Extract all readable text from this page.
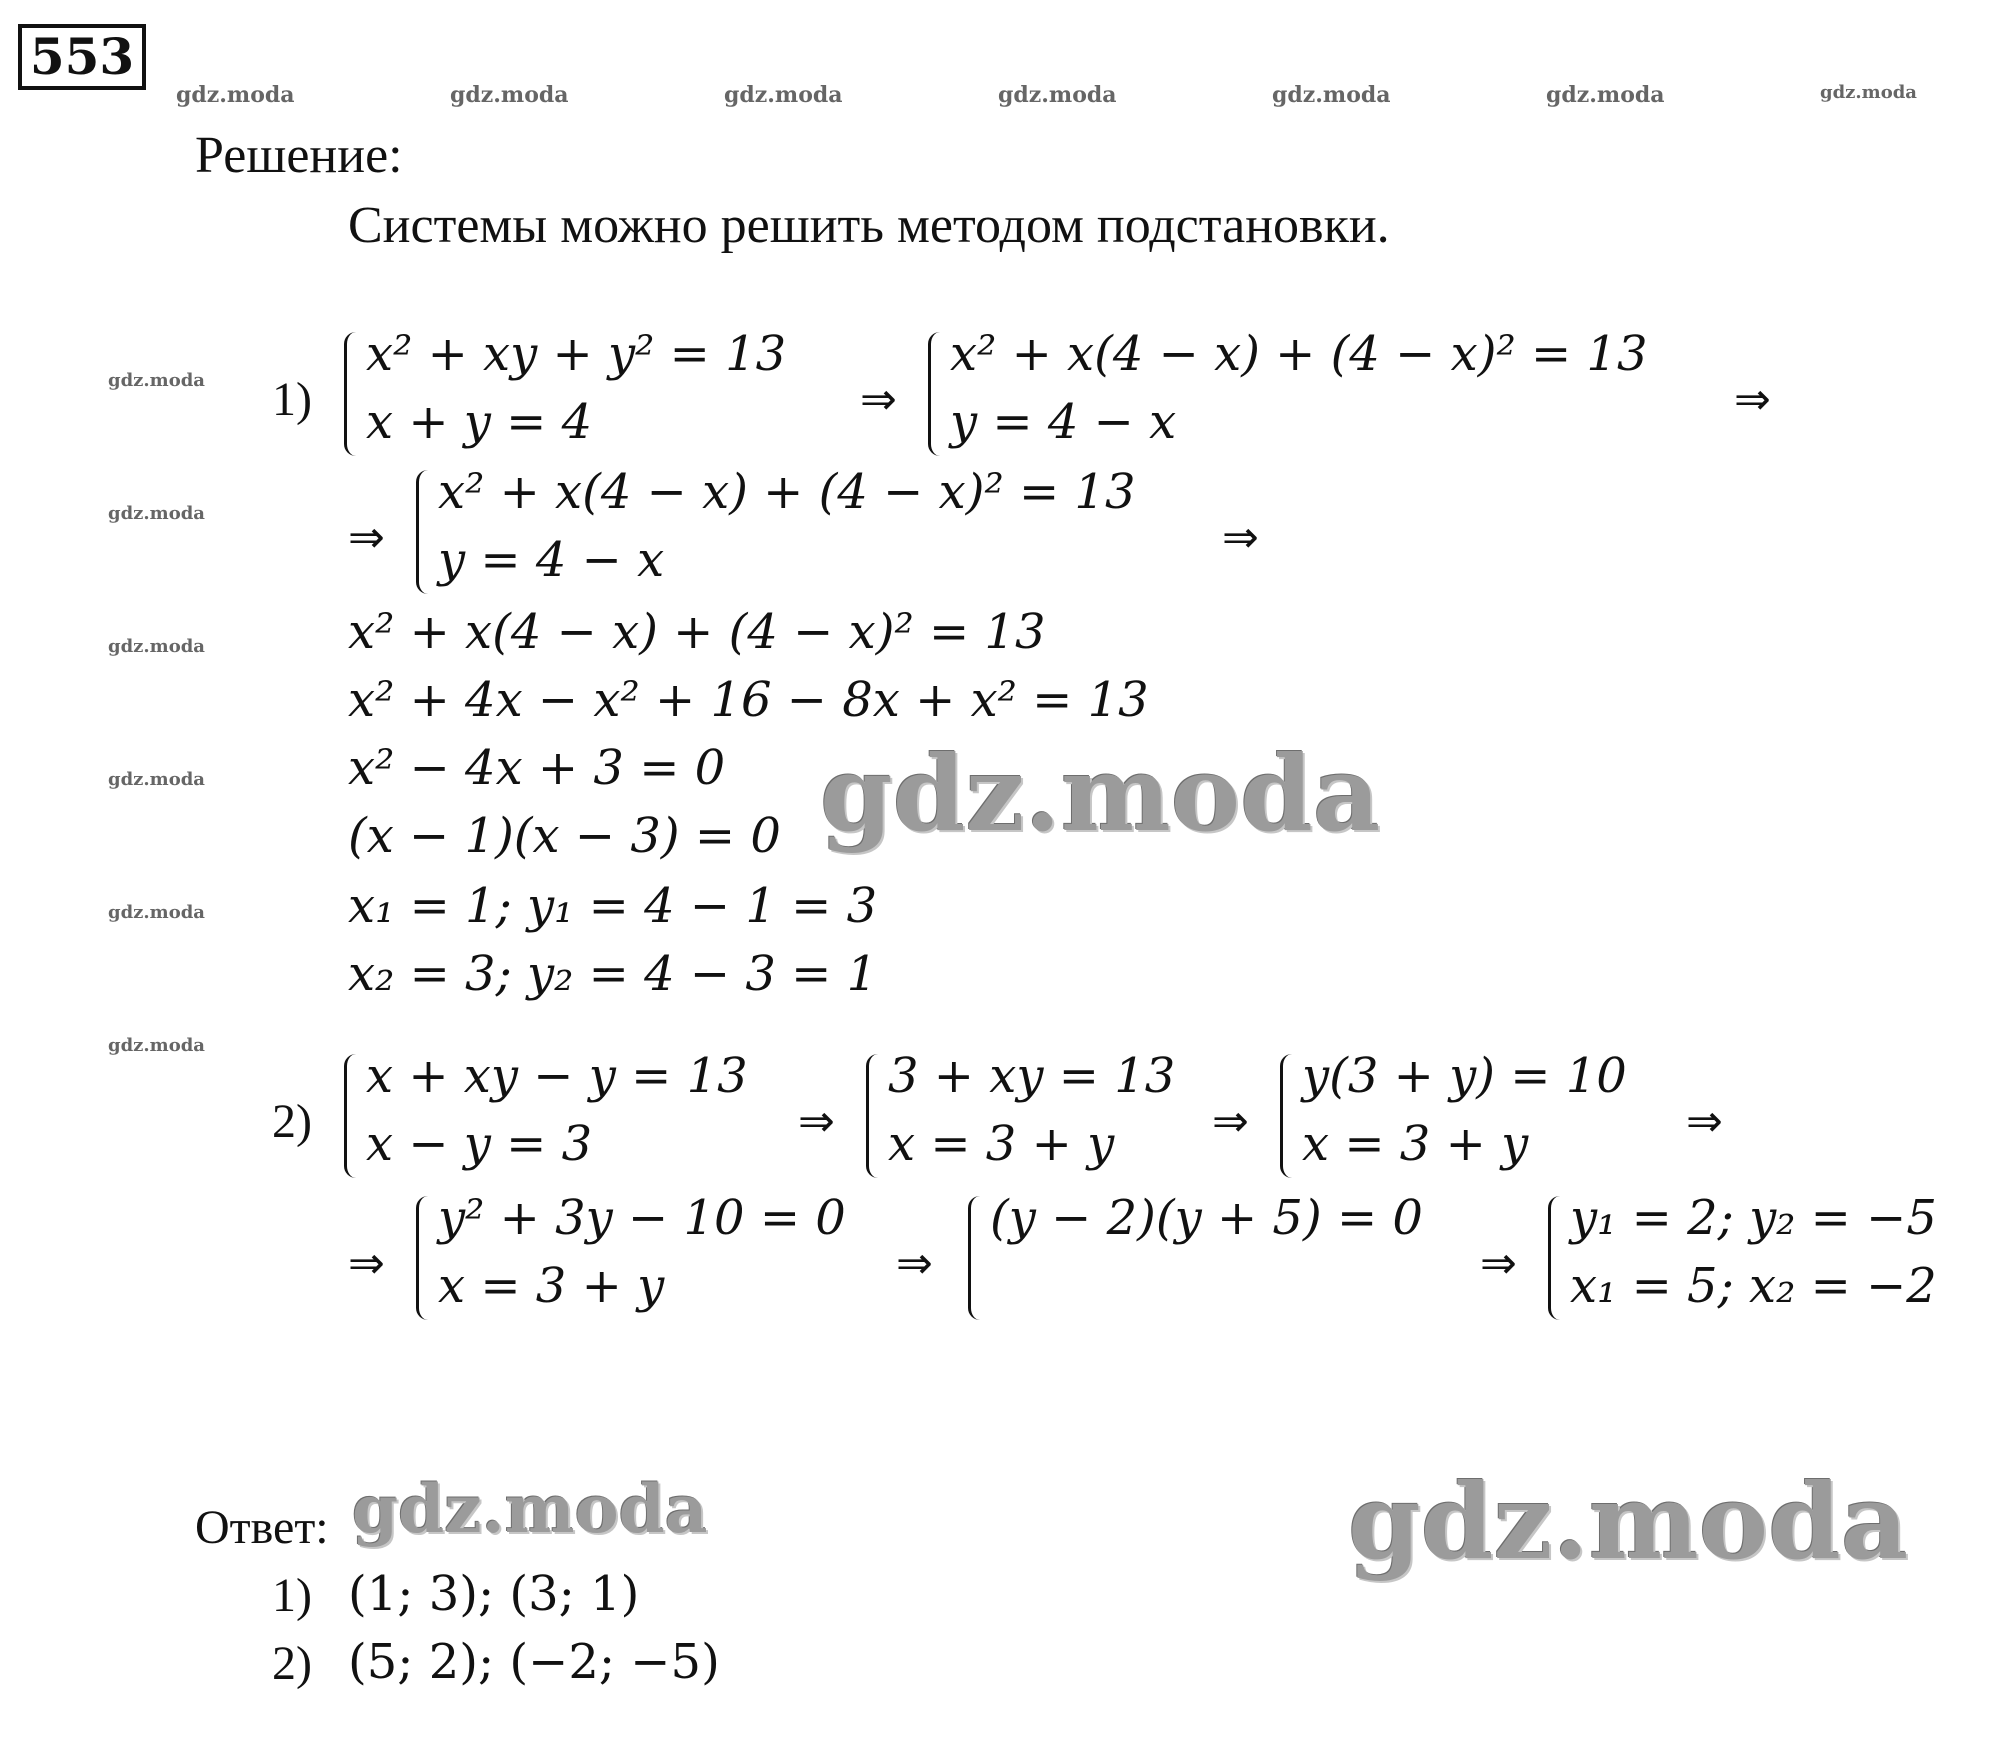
553
gdz.moda	gdz.moda	gdz.moda	gdz.moda	gdz.moda	gdz.moda	gdz.moda
gdz.moda
gdz.moda
gdz.moda
gdz.moda
gdz.moda
gdz.moda
Решение:
Системы можно решить методом подстановки.
1)
x² + xy + y² = 13
x + y = 4	⇒
x² + x(4 − x) + (4 − x)² = 13
y = 4 − x	⇒
⇒
x² + x(4 − x) + (4 − x)² = 13
y = 4 − x	⇒
x² + x(4 − x) + (4 − x)² = 13
x² + 4x − x² + 16 − 8x + x² = 13
x² − 4x + 3 = 0
(x − 1)(x − 3) = 0
x₁ = 1; y₁ = 4 − 1 = 3
x₂ = 3; y₂ = 4 − 3 = 1
gdz.moda
2)
x + xy − y = 13
x − y = 3	⇒
3 + xy = 13
x = 3 + y ⇒
y(3 + y) = 10
x = 3 + y	⇒
⇒
y² + 3y − 10 = 0
x = 3 + y	⇒
(y − 2)(y + 5) = 0
⇒
y₁ = 2; y₂ = −5
x₁ = 5; x₂ = −2
Ответ: gdz.moda	gdz.moda
1) (1; 3); (3; 1)
2) (5; 2); (−2; −5)
